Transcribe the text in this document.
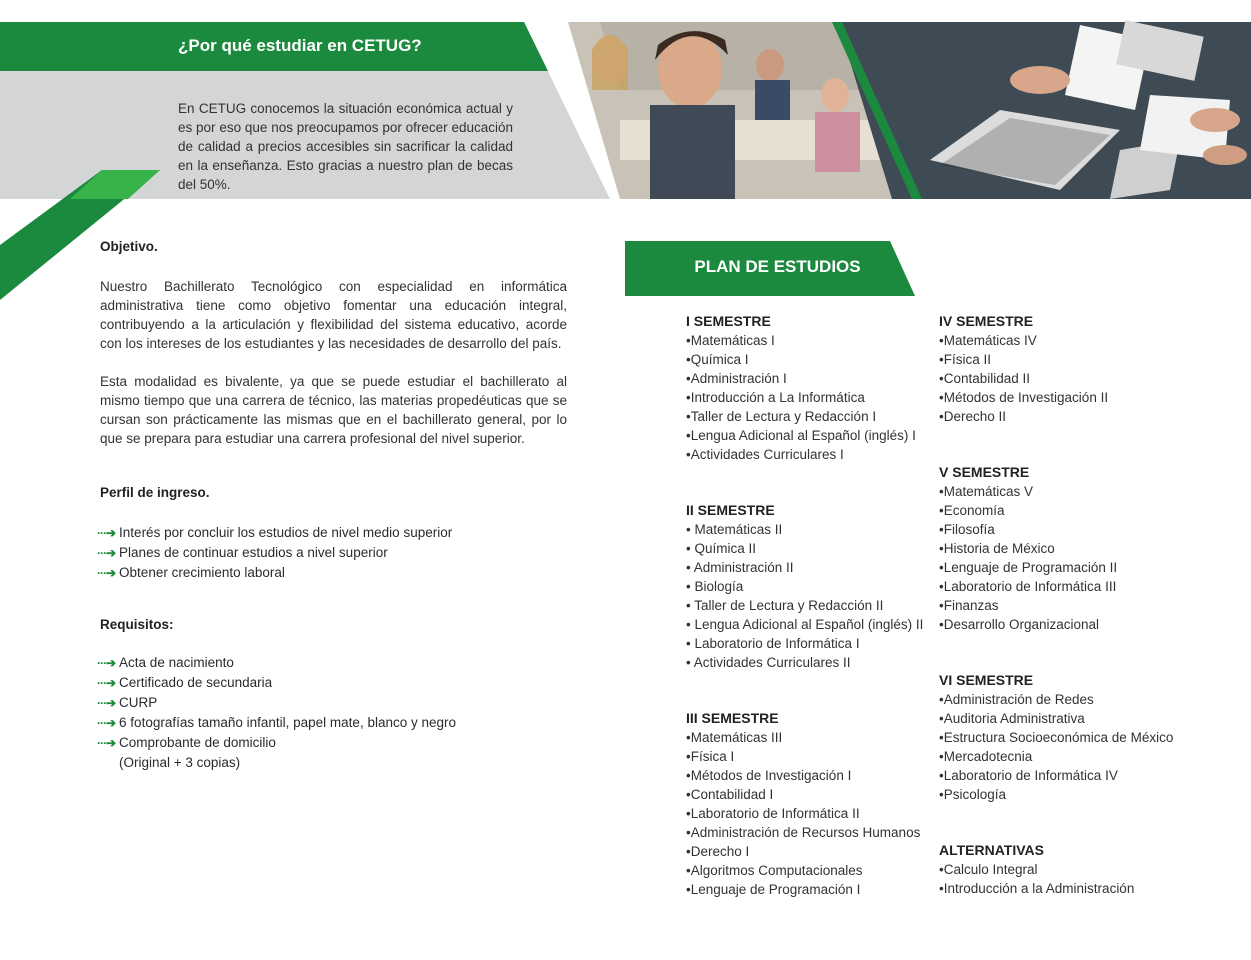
¿Por qué estudiar en CETUG?
En CETUG conocemos la situación económica actual y es por eso que nos preocupamos por ofrecer educación de calidad a precios accesibles sin sacrificar la calidad en la enseñanza. Esto gracias a nuestro plan de becas del 50%.
Objetivo.
Nuestro Bachillerato Tecnológico con especialidad en informática administrativa tiene como objetivo fomentar una educación integral, contribuyendo a la articulación y flexibilidad del sistema educativo, acorde con los intereses de los estudiantes y las necesidades de desarrollo del país.
Esta modalidad es bivalente, ya que se puede estudiar el bachillerato al mismo tiempo que una carrera de técnico, las materias propedéuticas que se cursan son prácticamente las mismas que en el bachillerato general, por lo que se prepara para estudiar una carrera profesional del nivel superior.
Perfil de ingreso.
···➔ Interés por concluir los estudios de nivel medio superior
···➔ Planes de continuar estudios a nivel superior
···➔ Obtener crecimiento laboral
Requisitos:
···➔ Acta de nacimiento
···➔ Certificado de secundaria
···➔ CURP
···➔ 6 fotografías tamaño infantil, papel mate, blanco y negro
···➔ Comprobante de domicilio
(Original + 3 copias)
PLAN DE ESTUDIOS
I SEMESTRE
•Matemáticas I
•Química I
•Administración I
•Introducción a La Informática
•Taller de Lectura y Redacción I
•Lengua Adicional al Español (inglés) I
•Actividades Curriculares I
II SEMESTRE
• Matemáticas II
• Química II
• Administración II
• Biología
• Taller de Lectura y Redacción II
• Lengua Adicional al Español (inglés) II
• Laboratorio de Informática I
• Actividades Curriculares II
III SEMESTRE
•Matemáticas III
•Física I
•Métodos de Investigación I
•Contabilidad I
•Laboratorio de Informática II
•Administración de Recursos Humanos
•Derecho I
•Algoritmos Computacionales
•Lenguaje de Programación I
IV SEMESTRE
•Matemáticas IV
•Física II
•Contabilidad II
•Métodos de Investigación II
•Derecho II
V SEMESTRE
•Matemáticas V
•Economía
•Filosofía
•Historia de México
•Lenguaje de Programación II
•Laboratorio de Informática III
•Finanzas
•Desarrollo Organizacional
VI SEMESTRE
•Administración de Redes
•Auditoria Administrativa
•Estructura Socioeconómica de México
•Mercadotecnia
•Laboratorio de Informática IV
•Psicología
ALTERNATIVAS
•Calculo Integral
•Introducción a la Administración
